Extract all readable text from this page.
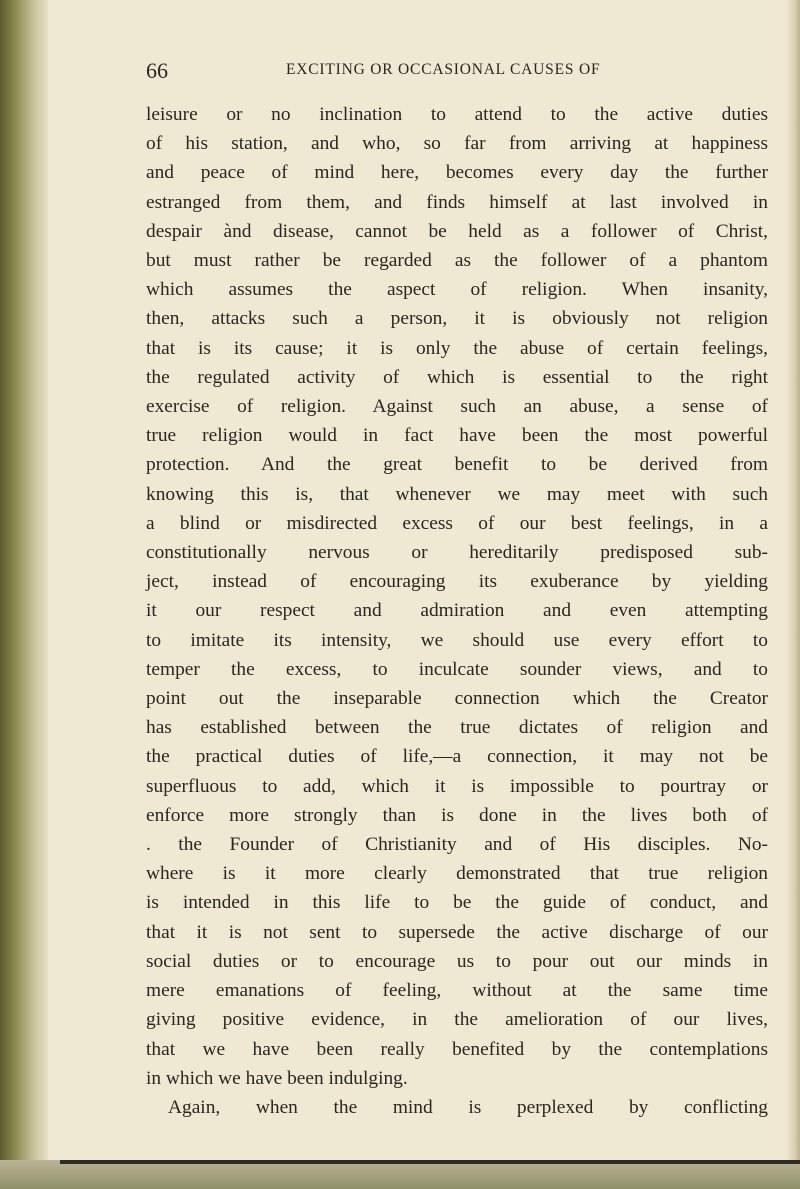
66	EXCITING OR OCCASIONAL CAUSES OF
leisure or no inclination to attend to the active duties
of his station, and who, so far from arriving at happiness
and peace of mind here, becomes every day the further
estranged from them, and finds himself at last involved in
despair ànd disease, cannot be held as a follower of Christ,
but must rather be regarded as the follower of a phantom
which assumes the aspect of religion. When insanity,
then, attacks such a person, it is obviously not religion
that is its cause; it is only the abuse of certain feelings,
the regulated activity of which is essential to the right
exercise of religion. Against such an abuse, a sense of
true religion would in fact have been the most powerful
protection. And the great benefit to be derived from
knowing this is, that whenever we may meet with such
a blind or misdirected excess of our best feelings, in a
constitutionally nervous or hereditarily predisposed sub-
ject, instead of encouraging its exuberance by yielding
it our respect and admiration and even attempting
to imitate its intensity, we should use every effort to
temper the excess, to inculcate sounder views, and to
point out the inseparable connection which the Creator
has established between the true dictates of religion and
the practical duties of life,—a connection, it may not be
superfluous to add, which it is impossible to pourtray or
enforce more strongly than is done in the lives both of
. the Founder of Christianity and of His disciples. No-
where is it more clearly demonstrated that true religion
is intended in this life to be the guide of conduct, and
that it is not sent to supersede the active discharge of our
social duties or to encourage us to pour out our minds in
mere emanations of feeling, without at the same time
giving positive evidence, in the amelioration of our lives,
that we have been really benefited by the contemplations
in which we have been indulging.
Again, when the mind is perplexed by conflicting
